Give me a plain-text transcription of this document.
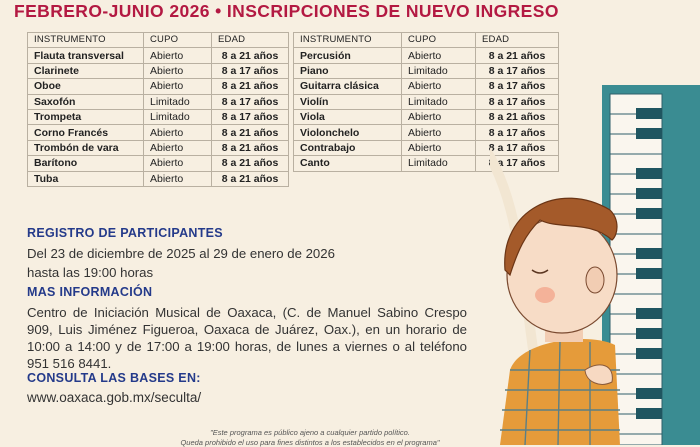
FEBRERO-JUNIO 2026 • INSCRIPCIONES DE NUEVO INGRESO
INSTRUMENTO	CUPO	EDAD
Flauta transversal	Abierto	8 a 21 años
Clarinete	Abierto	8 a 17 años
Oboe	Abierto	8 a 21 años
Saxofón	Limitado	8 a 17 años
Trompeta	Limitado	8 a 17 años
Corno Francés	Abierto	8 a 21 años
Trombón de vara	Abierto	8 a 21 años
Barítono	Abierto	8 a 21 años
Tuba	Abierto	8 a 21 años
INSTRUMENTO	CUPO	EDAD
Percusión	Abierto	8 a 21 años
Piano	Limitado	8 a 17 años
Guitarra clásica	Abierto	8 a 17 años
Violín	Limitado	8 a 17 años
Viola	Abierto	8 a 21 años
Violonchelo	Abierto	8 a 17 años
Contrabajo	Abierto	8 a 17 años
Canto	Limitado	8 a 17 años
REGISTRO DE PARTICIPANTES
Del 23 de diciembre de 2025 al 29 de enero de 2026
hasta las 19:00 horas
MAS INFORMACIÓN
Centro de Iniciación Musical de Oaxaca, (C. de Manuel Sabino Crespo 909, Luis Jiménez Figueroa, Oaxaca de Juárez, Oax.), en un horario de 10:00 a 14:00 y de 17:00 a 19:00 horas, de lunes a viernes o al teléfono 951 516 8441.
CONSULTA LAS BASES EN:
www.oaxaca.gob.mx/seculta/
"Este programa es público ajeno a cualquier partido político.
Queda prohibido el uso para fines distintos a los establecidos en el programa"
